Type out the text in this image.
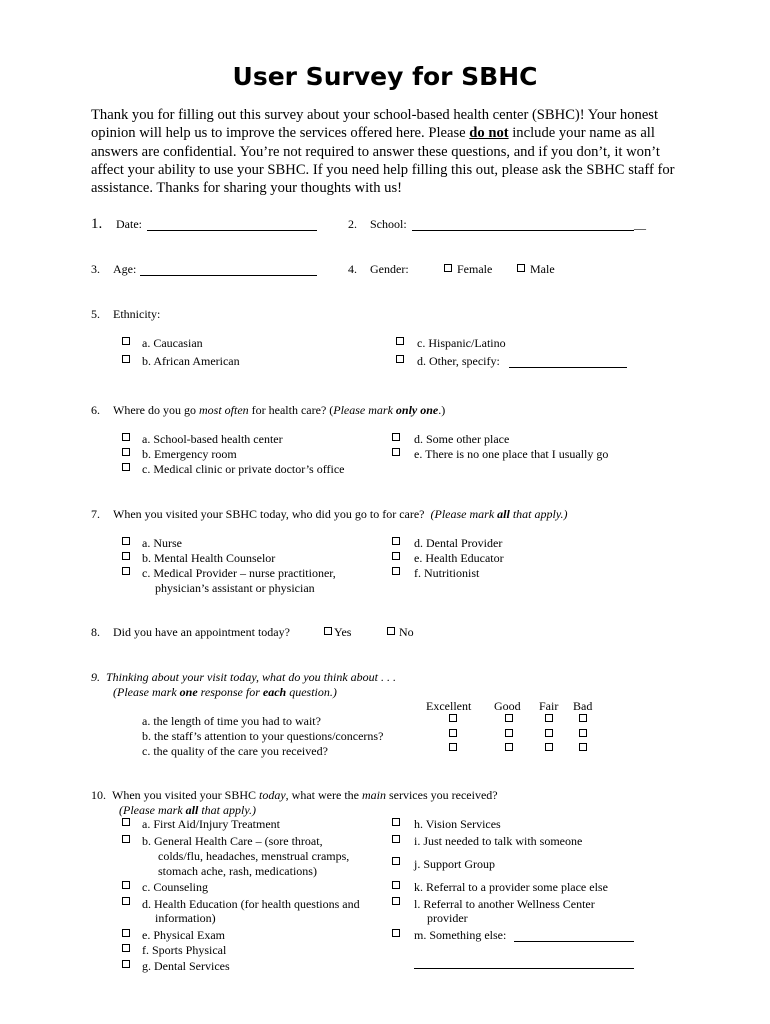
User Survey for SBHC
Thank you for filling out this survey about your school-based health center (SBHC)! Your honest opinion will help us to improve the services offered here. Please do not include your name as all answers are confidential. You’re not required to answer these questions, and if you don’t, it won’t affect your ability to use your SBHC. If you need help filling this out, please ask the SBHC staff for assistance. Thanks for sharing your thoughts with us!
1. Date:	2. School:	__
3. Age:	4. Gender:	Female	Male
5. Ethnicity:
a. Caucasian
b. African American
c. Hispanic/Latino
d. Other, specify:
6. Where do you go most often for health care? (Please mark only one.)
a. School-based health center
b. Emergency room
c. Medical clinic or private doctor’s office
d. Some other place
e. There is no one place that I usually go
7. When you visited your SBHC today, who did you go to for care? (Please mark all that apply.)
a. Nurse
b. Mental Health Counselor
c. Medical Provider – nurse practitioner,
physician’s assistant or physician
d. Dental Provider
e. Health Educator
f. Nutritionist
8. Did you have an appointment today?	Yes	No
9. Thinking about your visit today, what do you think about . . .
(Please mark one response for each question.)
Excellent Good Fair Bad
a. the length of time you had to wait?
b. the staff’s attention to your questions/concerns?
c. the quality of the care you received?
10. When you visited your SBHC today, what were the main services you received?
(Please mark all that apply.)
a. First Aid/Injury Treatment
b. General Health Care – (sore throat,
colds/flu, headaches, menstrual cramps,
stomach ache, rash, medications)
c. Counseling
d. Health Education (for health questions and
information)
e. Physical Exam
f. Sports Physical
g. Dental Services
h. Vision Services
i. Just needed to talk with someone
j. Support Group
k. Referral to a provider some place else
l. Referral to another Wellness Center
provider
m. Something else:
